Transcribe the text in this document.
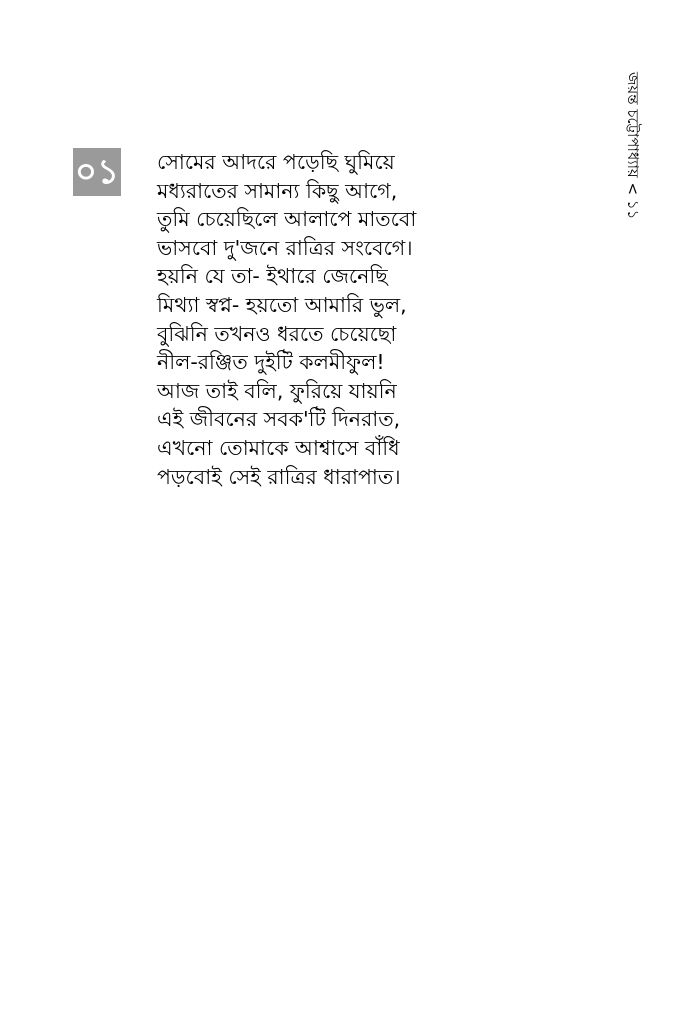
জয়ন্ত চট্টোপাধ্যায় < ১১
০১ সোমের আদরে পড়েছি ঘুমিয়ে
মধ্যরাতের সামান্য কিছু আগে,
তুমি চেয়েছিলে আলাপে মাতবো
ভাসবো দু'জনে রাত্রির সংবেগে।
হয়নি যে তা- ইথারে জেনেছি
মিথ্যা স্বপ্ন- হয়তো আমারি ভুল,
বুঝিনি তখনও ধরতে চেয়েছো
নীল-রঞ্জিত দুইটি কলমীফুল!
আজ তাই বলি, ফুরিয়ে যায়নি
এই জীবনের সবক'টি দিনরাত,
এখনো তোমাকে আশ্বাসে বাঁধি
পড়বোই সেই রাত্রির ধারাপাত।
